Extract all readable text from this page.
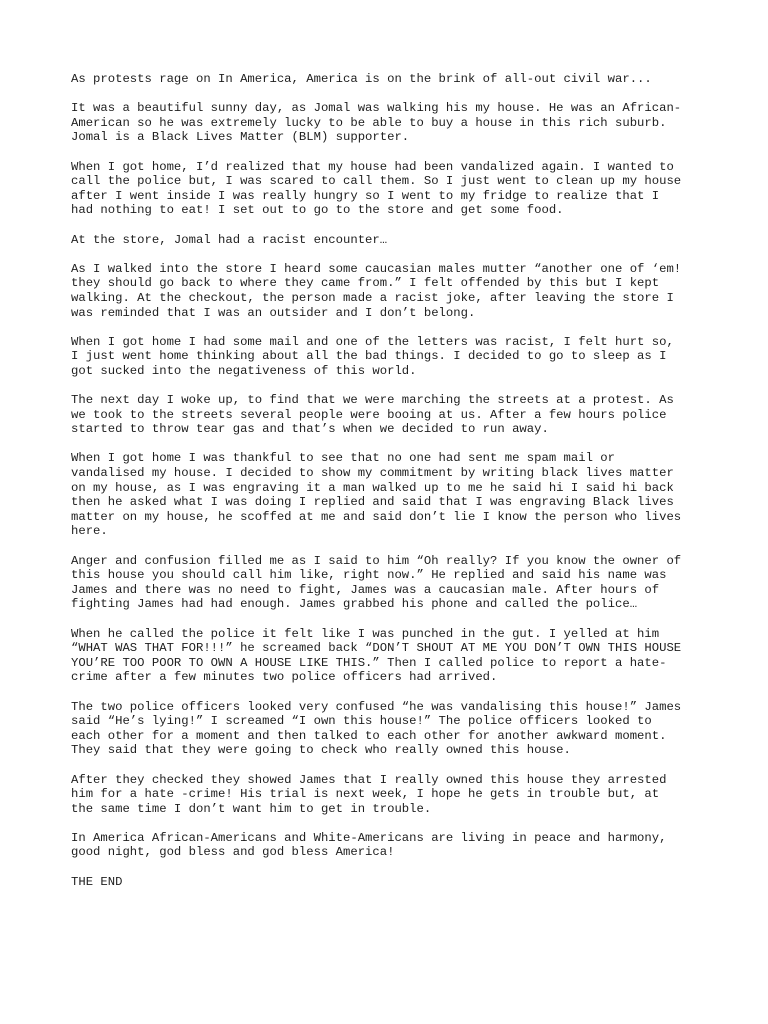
As protests rage on In America, America is on the brink of all-out civil war...

It was a beautiful sunny day, as Jomal was walking his my house. He was an African-
American so he was extremely lucky to be able to buy a house in this rich suburb.
Jomal is a Black Lives Matter (BLM) supporter.

When I got home, I’d realized that my house had been vandalized again. I wanted to
call the police but, I was scared to call them. So I just went to clean up my house
after I went inside I was really hungry so I went to my fridge to realize that I
had nothing to eat! I set out to go to the store and get some food.

At the store, Jomal had a racist encounter…

As I walked into the store I heard some caucasian males mutter “another one of ‘em!
they should go back to where they came from.” I felt offended by this but I kept
walking. At the checkout, the person made a racist joke, after leaving the store I
was reminded that I was an outsider and I don’t belong.

When I got home I had some mail and one of the letters was racist, I felt hurt so,
I just went home thinking about all the bad things. I decided to go to sleep as I
got sucked into the negativeness of this world.

The next day I woke up, to find that we were marching the streets at a protest. As
we took to the streets several people were booing at us. After a few hours police
started to throw tear gas and that’s when we decided to run away.

When I got home I was thankful to see that no one had sent me spam mail or
vandalised my house. I decided to show my commitment by writing black lives matter
on my house, as I was engraving it a man walked up to me he said hi I said hi back
then he asked what I was doing I replied and said that I was engraving Black lives
matter on my house, he scoffed at me and said don’t lie I know the person who lives
here.

Anger and confusion filled me as I said to him “Oh really? If you know the owner of
this house you should call him like, right now.” He replied and said his name was
James and there was no need to fight, James was a caucasian male. After hours of
fighting James had had enough. James grabbed his phone and called the police…

When he called the police it felt like I was punched in the gut. I yelled at him
“WHAT WAS THAT FOR!!!” he screamed back “DON’T SHOUT AT ME YOU DON’T OWN THIS HOUSE
YOU’RE TOO POOR TO OWN A HOUSE LIKE THIS.” Then I called police to report a hate-
crime after a few minutes two police officers had arrived.

The two police officers looked very confused “he was vandalising this house!” James
said “He’s lying!” I screamed “I own this house!” The police officers looked to
each other for a moment and then talked to each other for another awkward moment.
They said that they were going to check who really owned this house.

After they checked they showed James that I really owned this house they arrested
him for a hate -crime! His trial is next week, I hope he gets in trouble but, at
the same time I don’t want him to get in trouble.

In America African-Americans and White-Americans are living in peace and harmony,
good night, god bless and god bless America!

THE END
